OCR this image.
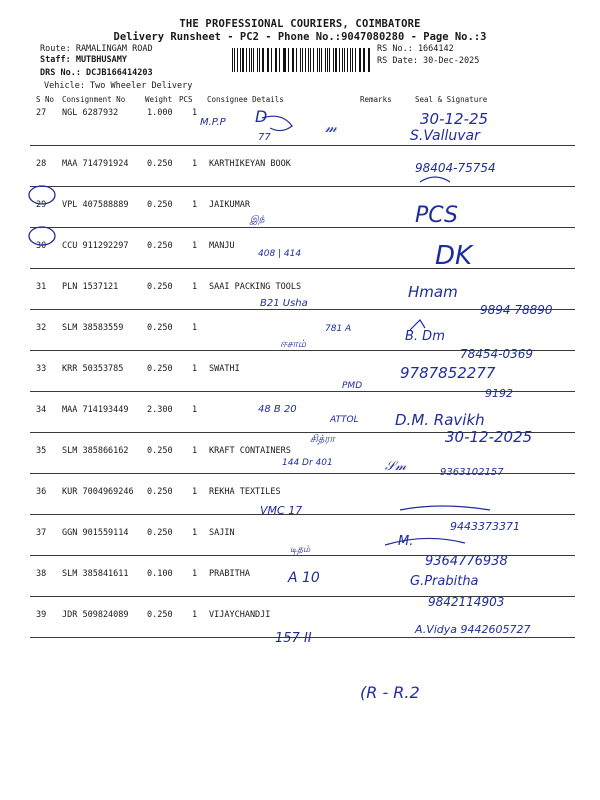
THE PROFESSIONAL COURIERS, COIMBATORE
Delivery Runsheet - PC2 - Phone No.:9047080280 - Page No.:3
Route: RAMALINGAM ROAD
Staff: MUTBHUSAMY
DRS No.: DCJB166414203
Vehicle: Two Wheeler Delivery
RS No.: 1664142
RS Date: 30-Dec-2025
S No Consignment No	Weight PCS Consignee Details	Remarks	Seal & Signature
27 NGL 6287932	1.000 1
28 MAA 714791924 0.250 1 KARTHIKEYAN BOOK
29 VPL 407588889 0.250 1 JAIKUMAR
30 CCU 911292297 0.250 1 MANJU
31 PLN 1537121	0.250 1 SAAI PACKING TOOLS
32 SLM 38583559	0.250 1
33 KRR 50353785	0.250 1 SWATHI
34 MAA 714193449 2.300 1
35 SLM 385866162 0.250 1 KRAFT CONTAINERS
36 KUR 7004969246 0.250 1 REKHA TEXTILES
37 GGN 901559114 0.250 1 SAJIN
38 SLM 385841611 0.100 1 PRABITHA
39 JDR 509824089 0.250 1 VIJAYCHANDJI
M.P.P D
77
𝓂	30-12-25
S.Valluvar
98404-75754
இந்	PCS
408 | 414	DK
B21 Usha
Hmam
9894 78890
781 A
ஈசாம்
B. Dm
78454-0369
9787852277
PMD
9192
48 B 20
ATTOL D.M. Ravikh
சித்ரா	30-12-2025
144 Dr 401	𝒮𝓂	9363102157
VMC 17
9443373371
டிதம்
M.
9364776938
A 10	G.Prabitha
9842114903
157 II
A.Vidya 9442605727
(R - R.2
